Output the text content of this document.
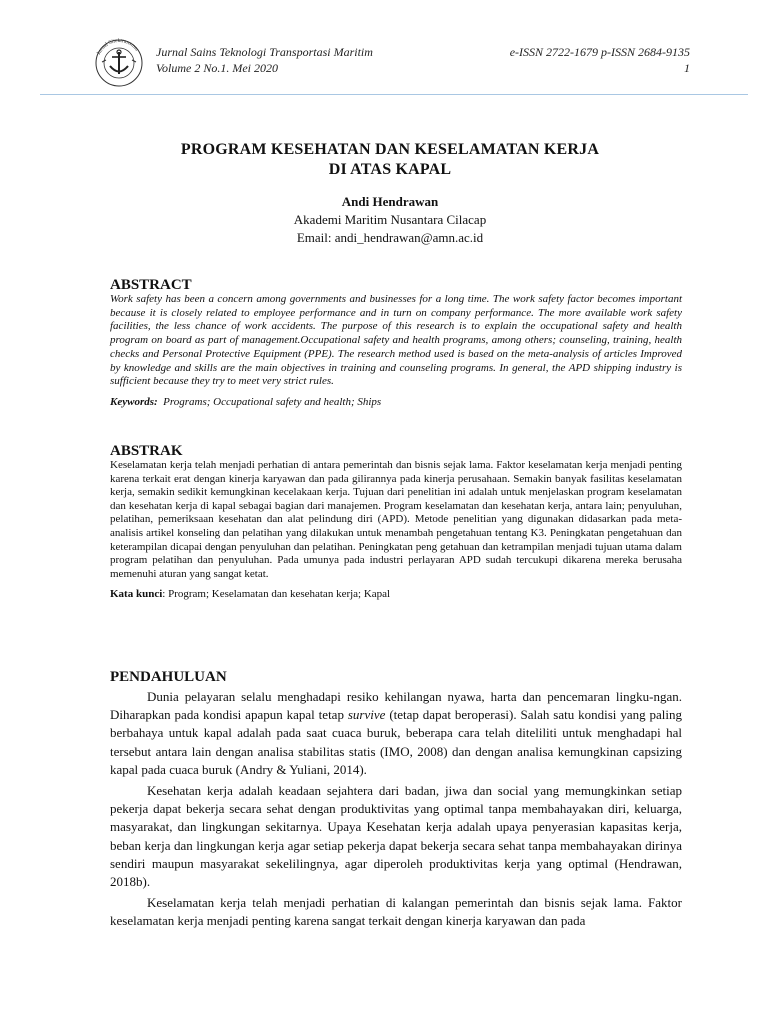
Jurnal Sitektransmar Jurnal Sains Teknologi Transportasi Maritim
Volume 2 No.1. Mei 2020
e-ISSN 2722-1679 p-ISSN 2684-9135
1
PROGRAM KESEHATAN DAN KESELAMATAN KERJA
DI ATAS KAPAL
Andi Hendrawan
Akademi Maritim Nusantara Cilacap
Email: andi_hendrawan@amn.ac.id
ABSTRACT

Work safety has been a concern among governments and businesses for a long time. The work safety factor becomes important because it is closely related to employee performance and in turn on company performance. The more available work safety facilities, the less chance of work accidents. The purpose of this research is to explain the occupational safety and health program on board as part of management.Occupational safety and health programs, among others; counseling, training, health checks and Personal Protective Equipment (PPE). The research method used is based on the meta-analysis of articles Improved by knowledge and skills are the main objectives in training and counseling programs. In general, the APD shipping industry is sufficient because they try to meet very strict rules.

Keywords: Programs; Occupational safety and health; Ships

ABSTRAK

Keselamatan kerja telah menjadi perhatian di antara pemerintah dan bisnis sejak lama. Faktor keselamatan kerja menjadi penting karena terkait erat dengan kinerja karyawan dan pada gilirannya pada kinerja perusahaan. Semakin banyak fasilitas keselamatan kerja, semakin sedikit kemungkinan kecelakaan kerja. Tujuan dari penelitian ini adalah untuk menjelaskan program keselamatan dan kesehatan kerja di kapal sebagai bagian dari manajemen. Program keselamatan dan kesehatan kerja, antara lain; penyuluhan, pelatihan, pemeriksaan kesehatan dan alat pelindung diri (APD). Metode penelitian yang digunakan didasarkan pada meta-analisis artikel konseling dan pelatihan yang dilakukan untuk menambah pengetahuan tentang K3. Peningkatan pengetahuan dan keterampilan dicapai dengan penyuluhan dan pelatihan. Peningkatan peng getahuan dan ketrampilan menjadi tujuan utama dalam program pelatihan dan penyuluhan. Pada umunya pada industri perlayaran APD sudah tercukupi dikarena mereka berusaha memenuhi aturan yang sangat ketat.

Kata kunci: Program; Keselamatan dan kesehatan kerja; Kapal

PENDAHULUAN

Dunia pelayaran selalu menghadapi resiko kehilangan nyawa, harta dan pencemaran lingku-ngan. Diharapkan pada kondisi apapun kapal tetap survive (tetap dapat beroperasi). Salah satu kondisi yang paling berbahaya untuk kapal adalah pada saat cuaca buruk, beberapa cara telah diteliliti untuk menghadapi hal tersebut antara lain dengan analisa stabilitas statis (IMO, 2008) dan dengan analisa kemungkinan capsizing kapal pada cuaca buruk (Andry & Yuliani, 2014).

Kesehatan kerja adalah keadaan sejahtera dari badan, jiwa dan social yang memungkinkan setiap pekerja dapat bekerja secara sehat dengan produktivitas yang optimal tanpa membahayakan diri, keluarga, masyarakat, dan lingkungan sekitarnya. Upaya Kesehatan kerja adalah upaya penyerasian kapasitas kerja, beban kerja dan lingkungan kerja agar setiap pekerja dapat bekerja secara sehat tanpa membahayakan dirinya sendiri maupun masyarakat sekelilingnya, agar diperoleh produktivitas kerja yang optimal (Hendrawan, 2018b).

Keselamatan kerja telah menjadi perhatian di kalangan pemerintah dan bisnis sejak lama. Faktor keselamatan kerja menjadi penting karena sangat terkait dengan kinerja karyawan dan pada
